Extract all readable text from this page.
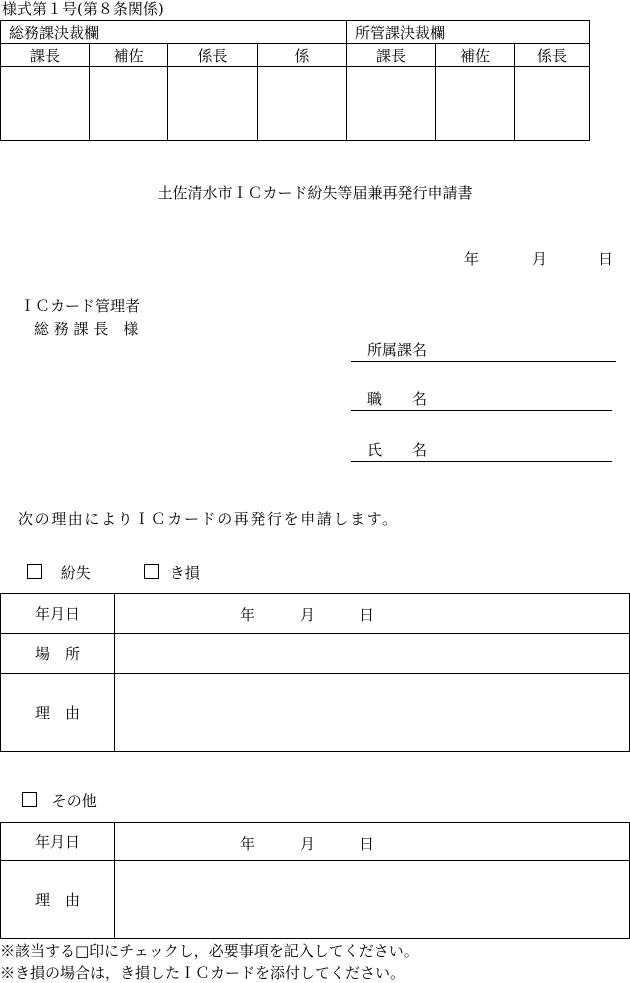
様式第１号(第８条関係)
総務課決裁欄				所管課決裁欄		
課長	補佐	係長	係	課長	補佐	係長

土佐清水市ＩＣカード紛失等届兼再発行申請書
年	月	日
ＩＣカード管理者
総 務 課 長　様
所属課名
職　　名
氏　　名
次の理由によりＩＣカードの再発行を申請します。
紛失	き損
年月日	年 月 日

場　所	
理　由	
その他
年月日	年 月 日

理　由	
※該当する□印にチェックし，必要事項を記入してください。
※き損の場合は，き損したＩＣカードを添付してください。
